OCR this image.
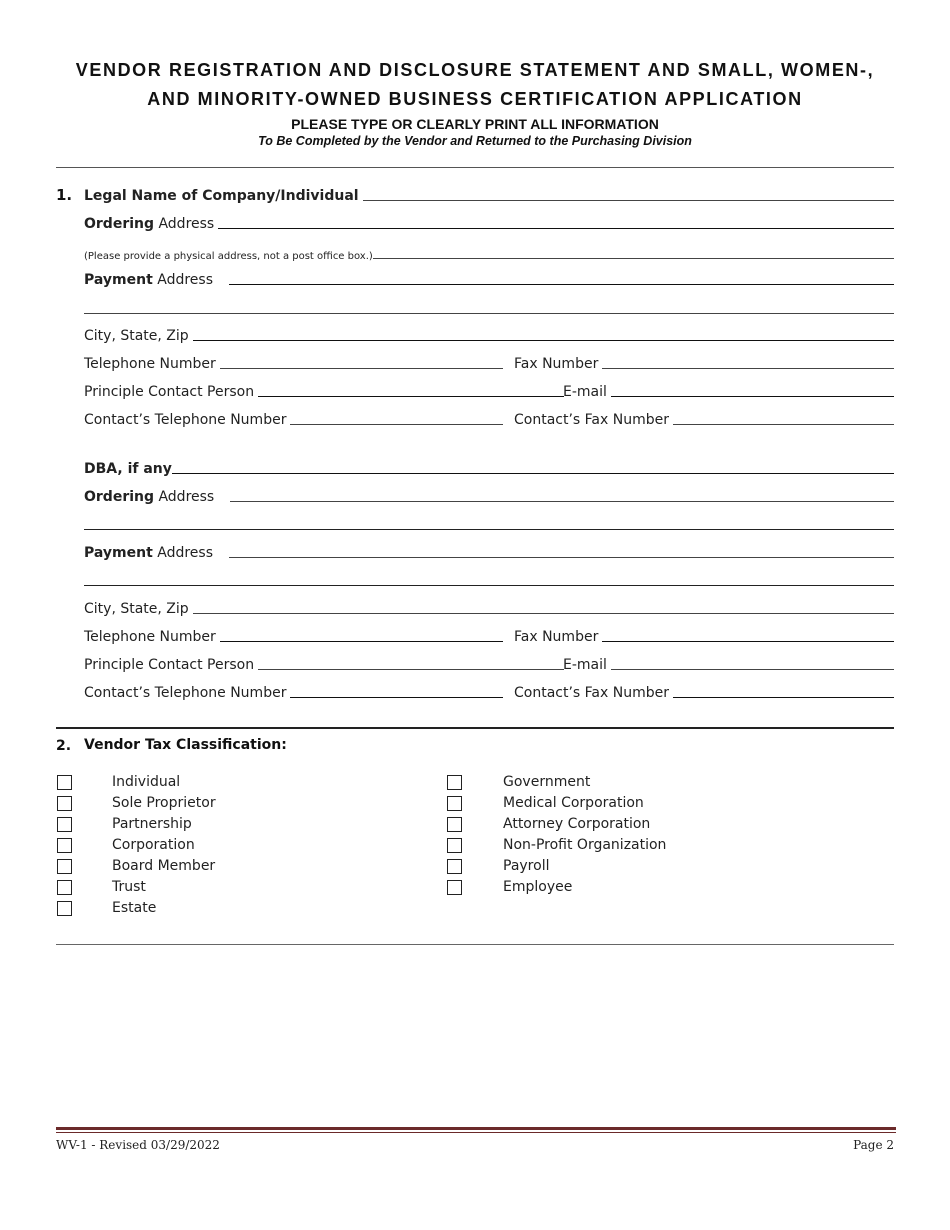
VENDOR REGISTRATION AND DISCLOSURE STATEMENT AND SMALL, WOMEN-,
AND MINORITY-OWNED BUSINESS CERTIFICATION APPLICATION
PLEASE TYPE OR CLEARLY PRINT ALL INFORMATION
To Be Completed by the Vendor and Returned to the Purchasing Division
1. Legal Name of Company/Individual
Ordering Address
(Please provide a physical address, not a post office box.)
Payment Address
City, State, Zip
Telephone Number	Fax Number
Principle Contact Person	E-mail
Contact’s Telephone Number	Contact’s Fax Number
DBA, if any
Ordering Address
Payment Address
City, State, Zip
Telephone Number	Fax Number
Principle Contact Person	E-mail
Contact’s Telephone Number	Contact’s Fax Number
2. Vendor Tax Classification:
Individual
Sole Proprietor
Partnership
Corporation
Board Member
Trust
Estate
Government
Medical Corporation
Attorney Corporation
Non-Profit Organization
Payroll
Employee
WV-1 - Revised 03/29/2022	Page 2
